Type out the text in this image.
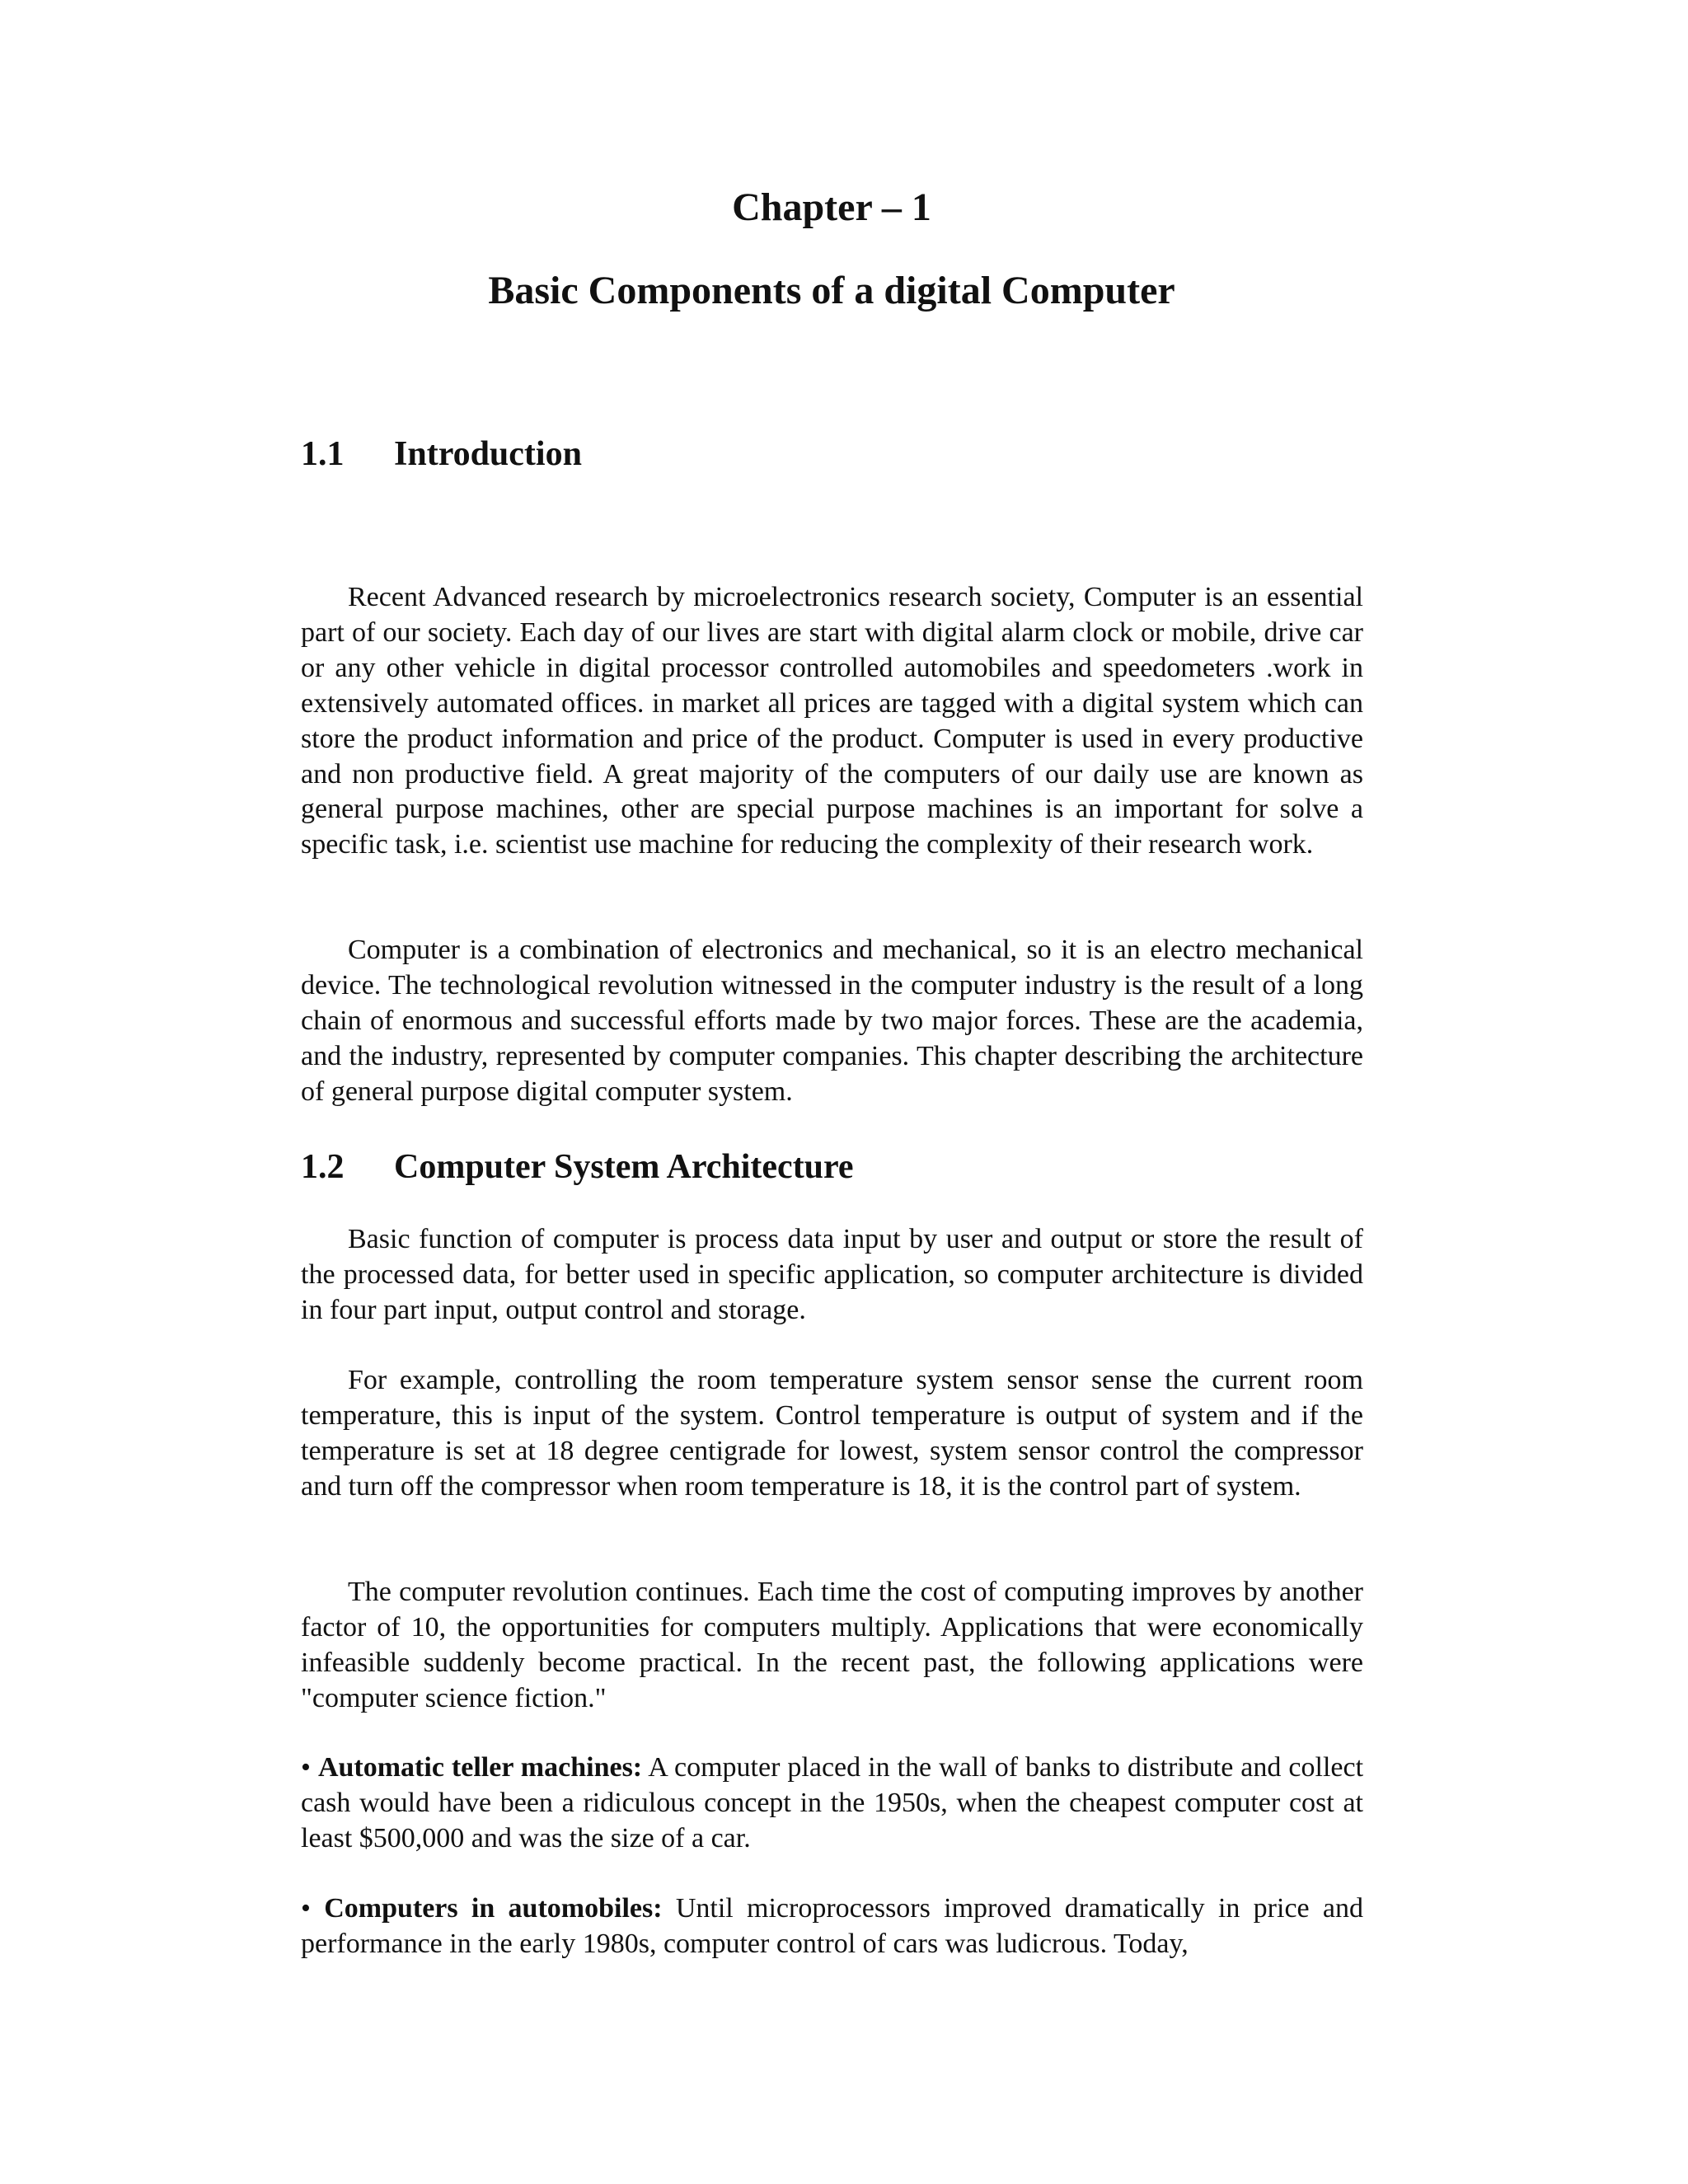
Chapter – 1
Basic Components of a digital Computer
1.1 Introduction

Recent Advanced research by microelectronics research society, Computer is an essential part of our society. Each day of our lives are start with digital alarm clock or mobile, drive car or any other vehicle in digital processor controlled automobiles and speedometers .work in extensively automated offices. in market all prices are tagged with a digital system which can store the product information and price of the product. Computer is used in every productive and non productive field. A great majority of the computers of our daily use are known as general purpose machines, other are special purpose machines is an important for solve a specific task, i.e. scientist use machine for reducing the complexity of their research work.

Computer is a combination of electronics and mechanical, so it is an electro mechanical device. The technological revolution witnessed in the computer industry is the result of a long chain of enormous and successful efforts made by two major forces. These are the academia, and the industry, represented by computer companies. This chapter describing the architecture of general purpose digital computer system.

1.2 Computer System Architecture

Basic function of computer is process data input by user and output or store the result of the processed data, for better used in specific application, so computer architecture is divided in four part input, output control and storage.

For example, controlling the room temperature system sensor sense the current room temperature, this is input of the system. Control temperature is output of system and if the temperature is set at 18 degree centigrade for lowest, system sensor control the compressor and turn off the compressor when room temperature is 18, it is the control part of system.

The computer revolution continues. Each time the cost of computing improves by another factor of 10, the opportunities for computers multiply. Applications that were economically infeasible suddenly become practical. In the recent past, the following applications were "computer science fiction."

• Automatic teller machines: A computer placed in the wall of banks to distribute and collect cash would have been a ridiculous concept in the 1950s, when the cheapest computer cost at least $500,000 and was the size of a car.

• Computers in automobiles: Until microprocessors improved dramatically in price and performance in the early 1980s, computer control of cars was ludicrous. Today,
